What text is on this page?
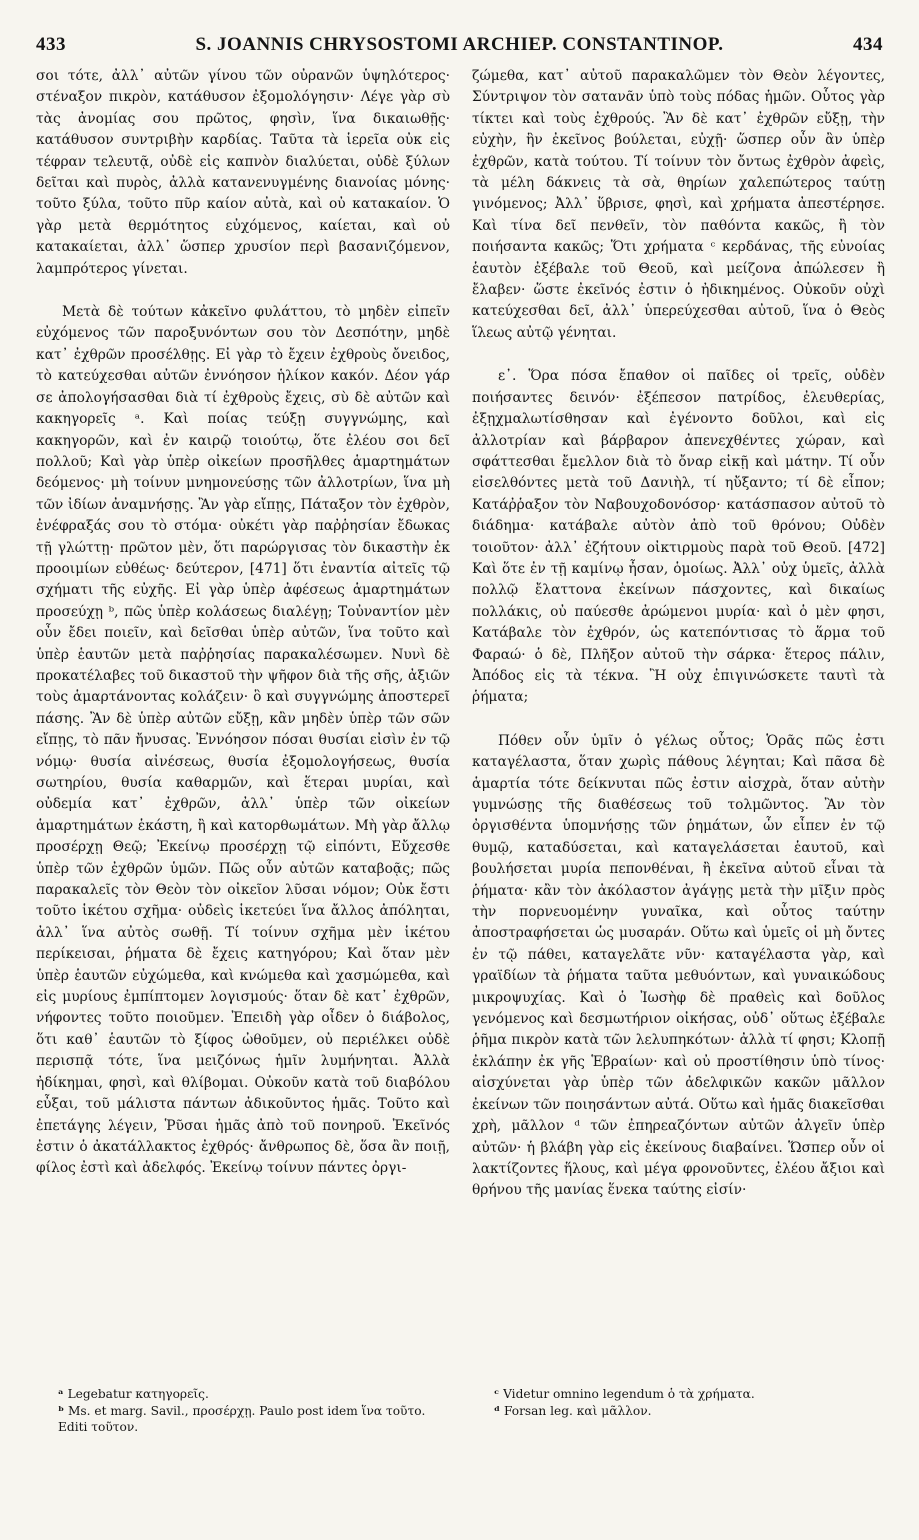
433	S. JOANNIS CHRYSOSTOMI ARCHIEP. CONSTANTINOP.	434

σοι τότε, ἀλλ᾽ αὐτῶν γίνου τῶν οὐρανῶν ὑψηλότερος· στέναξον πικρὸν, κατάθυσον ἐξομολόγησιν· Λέγε γὰρ σὺ τὰς ἀνομίας σου πρῶτος, φησὶν, ἵνα δικαιωθῇς· κατάθυσον συντριβὴν καρδίας. Ταῦτα τὰ ἱερεῖα οὐκ εἰς τέφραν τελευτᾷ, οὐδὲ εἰς καπνὸν διαλύεται, οὐδὲ ξύλων δεῖται καὶ πυρὸς, ἀλλὰ κατανενυγμένης διανοίας μόνης· τοῦτο ξύλα, τοῦτο πῦρ καίον αὐτὰ, καὶ οὐ κατακαίον. Ὁ γὰρ μετὰ θερμότητος εὐχόμενος, καίεται, καὶ οὐ κατακαίεται, ἀλλ᾽ ὥσπερ χρυσίον περὶ βασανιζόμενον, λαμπρότερος γίνεται.

Μετὰ δὲ τούτων κἀκεῖνο φυλάττου, τὸ μηδὲν εἰπεῖν εὐχόμενος τῶν παροξυνόντων σου τὸν Δεσπότην, μηδὲ κατ᾽ ἐχθρῶν προσέλθῃς. Εἰ γὰρ τὸ ἔχειν ἐχθροὺς ὄνειδος, τὸ κατεύχεσθαι αὐτῶν ἐννόησον ἡλίκον κακόν. Δέον γάρ σε ἀπολογήσασθαι διὰ τί ἐχθροὺς ἔχεις, σὺ δὲ αὐτῶν καὶ κακηγορεῖς ᵃ. Καὶ ποίας τεύξῃ συγγνώμης, καὶ κακηγορῶν, καὶ ἐν καιρῷ τοιούτῳ, ὅτε ἐλέου σοι δεῖ πολλοῦ; Καὶ γὰρ ὑπὲρ οἰκείων προσῆλθες ἁμαρτημάτων δεόμενος· μὴ τοίνυν μνημονεύσῃς τῶν ἀλλοτρίων, ἵνα μὴ τῶν ἰδίων ἀναμνήσῃς. Ἂν γὰρ εἴπῃς, Πάταξον τὸν ἐχθρὸν, ἐνέφραξάς σου τὸ στόμα· οὐκέτι γὰρ παῤῥησίαν ἔδωκας τῇ γλώττῃ· πρῶτον μὲν, ὅτι παρώργισας τὸν δικαστὴν ἐκ προοιμίων εὐθέως· δεύτερον, [471] ὅτι ἐναντία αἰτεῖς τῷ σχήματι τῆς εὐχῆς. Εἰ γὰρ ὑπὲρ ἀφέσεως ἁμαρτημάτων προσεύχῃ ᵇ, πῶς ὑπὲρ κολάσεως διαλέγῃ; Τοὐναντίον μὲν οὖν ἔδει ποιεῖν, καὶ δεῖσθαι ὑπὲρ αὐτῶν, ἵνα τοῦτο καὶ ὑπὲρ ἑαυτῶν μετὰ παῤῥησίας παρακαλέσωμεν. Νυνὶ δὲ προκατέλαβες τοῦ δικαστοῦ τὴν ψῆφον διὰ τῆς σῆς, ἀξιῶν τοὺς ἁμαρτάνοντας κολάζειν· ὃ καὶ συγγνώμης ἀποστερεῖ πάσης. Ἂν δὲ ὑπὲρ αὐτῶν εὔξῃ, κἂν μηδὲν ὑπὲρ τῶν σῶν εἴπῃς, τὸ πᾶν ἤνυσας. Ἐννόησον πόσαι θυσίαι εἰσὶν ἐν τῷ νόμῳ· θυσία αἰνέσεως, θυσία ἐξομολογήσεως, θυσία σωτηρίου, θυσία καθαρμῶν, καὶ ἕτεραι μυρίαι, καὶ οὐδεμία κατ᾽ ἐχθρῶν, ἀλλ᾽ ὑπὲρ τῶν οἰκείων ἁμαρτημάτων ἑκάστη, ἢ καὶ κατορθωμάτων. Μὴ γὰρ ἄλλῳ προσέρχῃ Θεῷ; Ἐκείνῳ προσέρχῃ τῷ εἰπόντι, Εὔχεσθε ὑπὲρ τῶν ἐχθρῶν ὑμῶν. Πῶς οὖν αὐτῶν καταβοᾷς; πῶς παρακαλεῖς τὸν Θεὸν τὸν οἰκεῖον λῦσαι νόμον; Οὐκ ἔστι τοῦτο ἱκέτου σχῆμα· οὐδεὶς ἱκετεύει ἵνα ἄλλος ἀπόληται, ἀλλ᾽ ἵνα αὐτὸς σωθῇ. Τί τοίνυν σχῆμα μὲν ἱκέτου περίκεισαι, ῥήματα δὲ ἔχεις κατηγόρου; Καὶ ὅταν μὲν ὑπὲρ ἑαυτῶν εὐχώμεθα, καὶ κνώμεθα καὶ χασμώμεθα, καὶ εἰς μυρίους ἐμπίπτομεν λογισμούς· ὅταν δὲ κατ᾽ ἐχθρῶν, νήφοντες τοῦτο ποιοῦμεν. Ἐπειδὴ γὰρ οἶδεν ὁ διάβολος, ὅτι καθ᾽ ἑαυτῶν τὸ ξίφος ὠθοῦμεν, οὐ περιέλκει οὐδὲ περισπᾷ τότε, ἵνα μειζόνως ἡμῖν λυμήνηται. Ἀλλὰ ἠδίκημαι, φησὶ, καὶ θλίβομαι. Οὐκοῦν κατὰ τοῦ διαβόλου εὖξαι, τοῦ μάλιστα πάντων ἀδικοῦντος ἡμᾶς. Τοῦτο καὶ ἐπετάγης λέγειν, Ῥῦσαι ἡμᾶς ἀπὸ τοῦ πονηροῦ. Ἐκεῖνός ἐστιν ὁ ἀκατάλλακτος ἐχθρός· ἄνθρωπος δὲ, ὅσα ἂν ποιῇ, φίλος ἐστὶ καὶ ἀδελφός. Ἐκείνῳ τοίνυν πάντες ὀργι-

ζώμεθα, κατ᾽ αὐτοῦ παρακαλῶμεν τὸν Θεὸν λέγοντες, Σύντριψον τὸν σατανᾶν ὑπὸ τοὺς πόδας ἡμῶν. Οὗτος γὰρ τίκτει καὶ τοὺς ἐχθρούς. Ἂν δὲ κατ᾽ ἐχθρῶν εὔξῃ, τὴν εὐχὴν, ἣν ἐκεῖνος βούλεται, εὐχῇ· ὥσπερ οὖν ἂν ὑπὲρ ἐχθρῶν, κατὰ τούτου. Τί τοίνυν τὸν ὄντως ἐχθρὸν ἀφεὶς, τὰ μέλη δάκνεις τὰ σὰ, θηρίων χαλεπώτερος ταύτῃ γινόμενος; Ἀλλ᾽ ὕβρισε, φησὶ, καὶ χρήματα ἀπεστέρησε. Καὶ τίνα δεῖ πενθεῖν, τὸν παθόντα κακῶς, ἢ τὸν ποιήσαντα κακῶς; Ὅτι χρήματα ᶜ κερδάνας, τῆς εὐνοίας ἑαυτὸν ἐξέβαλε τοῦ Θεοῦ, καὶ μείζονα ἀπώλεσεν ἢ ἔλαβεν· ὥστε ἐκεῖνός ἐστιν ὁ ἠδικημένος. Οὐκοῦν οὐχὶ κατεύχεσθαι δεῖ, ἀλλ᾽ ὑπερεύχεσθαι αὐτοῦ, ἵνα ὁ Θεὸς ἵλεως αὐτῷ γένηται.

ε᾽. Ὅρα πόσα ἔπαθον οἱ παῖδες οἱ τρεῖς, οὐδὲν ποιήσαντες δεινόν· ἐξέπεσον πατρίδος, ἐλευθερίας, ἐξῃχμαλωτίσθησαν καὶ ἐγένοντο δοῦλοι, καὶ εἰς ἀλλοτρίαν καὶ βάρβαρον ἀπενεχθέντες χώραν, καὶ σφάττεσθαι ἔμελλον διὰ τὸ ὄναρ εἰκῇ καὶ μάτην. Τί οὖν εἰσελθόντες μετὰ τοῦ Δανιὴλ, τί ηὔξαντο; τί δὲ εἶπον; Κατάῤῥαξον τὸν Ναβουχοδονόσορ· κατάσπασον αὐτοῦ τὸ διάδημα· κατάβαλε αὐτὸν ἀπὸ τοῦ θρόνου; Οὐδὲν τοιοῦτον· ἀλλ᾽ ἐζήτουν οἰκτιρμοὺς παρὰ τοῦ Θεοῦ. [472] Καὶ ὅτε ἐν τῇ καμίνῳ ἦσαν, ὁμοίως. Ἀλλ᾽ οὐχ ὑμεῖς, ἀλλὰ πολλῷ ἔλαττονα ἐκείνων πάσχοντες, καὶ δικαίως πολλάκις, οὐ παύεσθε ἀρώμενοι μυρία· καὶ ὁ μὲν φησι, Κατάβαλε τὸν ἐχθρόν, ὡς κατεπόντισας τὸ ἅρμα τοῦ Φαραώ· ὁ δὲ, Πλῆξον αὐτοῦ τὴν σάρκα· ἕτερος πάλιν, Ἀπόδος εἰς τὰ τέκνα. Ἢ οὐχ ἐπιγινώσκετε ταυτὶ τὰ ῥήματα;

Πόθεν οὖν ὑμῖν ὁ γέλως οὗτος; Ὁρᾶς πῶς ἐστι καταγέλαστα, ὅταν χωρὶς πάθους λέγηται; Καὶ πᾶσα δὲ ἁμαρτία τότε δείκνυται πῶς ἐστιν αἰσχρὰ, ὅταν αὐτὴν γυμνώσῃς τῆς διαθέσεως τοῦ τολμῶντος. Ἂν τὸν ὀργισθέντα ὑπομνήσῃς τῶν ῥημάτων, ὧν εἶπεν ἐν τῷ θυμῷ, καταδύσεται, καὶ καταγελάσεται ἑαυτοῦ, καὶ βουλήσεται μυρία πεπονθέναι, ἢ ἐκεῖνα αὐτοῦ εἶναι τὰ ῥήματα· κἂν τὸν ἀκόλαστον ἀγάγῃς μετὰ τὴν μῖξιν πρὸς τὴν πορνευομένην γυναῖκα, καὶ οὗτος ταύτην ἀποστραφήσεται ὡς μυσαράν. Οὕτω καὶ ὑμεῖς οἱ μὴ ὄντες ἐν τῷ πάθει, καταγελᾶτε νῦν· καταγέλαστα γὰρ, καὶ γραϊδίων τὰ ῥήματα ταῦτα μεθυόντων, καὶ γυναικώδους μικροψυχίας. Καὶ ὁ Ἰωσὴφ δὲ πραθεὶς καὶ δοῦλος γενόμενος καὶ δεσμωτήριον οἰκήσας, οὐδ᾽ οὕτως ἐξέβαλε ῥῆμα πικρὸν κατὰ τῶν λελυπηκότων· ἀλλὰ τί φησι; Κλοπῇ ἐκλάπην ἐκ γῆς Ἑβραίων· καὶ οὐ προστίθησιν ὑπὸ τίνος· αἰσχύνεται γὰρ ὑπὲρ τῶν ἀδελφικῶν κακῶν μᾶλλον ἐκείνων τῶν ποιησάντων αὐτά. Οὕτω καὶ ἡμᾶς διακεῖσθαι χρὴ, μᾶλλον ᵈ τῶν ἐπηρεαζόντων αὐτῶν ἀλγεῖν ὑπὲρ αὐτῶν· ἡ βλάβη γὰρ εἰς ἐκείνους διαβαίνει. Ὥσπερ οὖν οἱ λακτίζοντες ἥλους, καὶ μέγα φρονοῦντες, ἐλέου ἄξιοι καὶ θρήνου τῆς μανίας ἕνεκα ταύτης εἰσίν·

ᵃ Legebatur κατηγορεῖς.
ᵇ Ms. et marg. Savil., προσέρχῃ. Paulo post idem ἵνα τοῦτο. Editi τοῦτον.
ᶜ Videtur omnino legendum ὁ τὰ χρήματα.
ᵈ Forsan leg. καὶ μᾶλλον.
